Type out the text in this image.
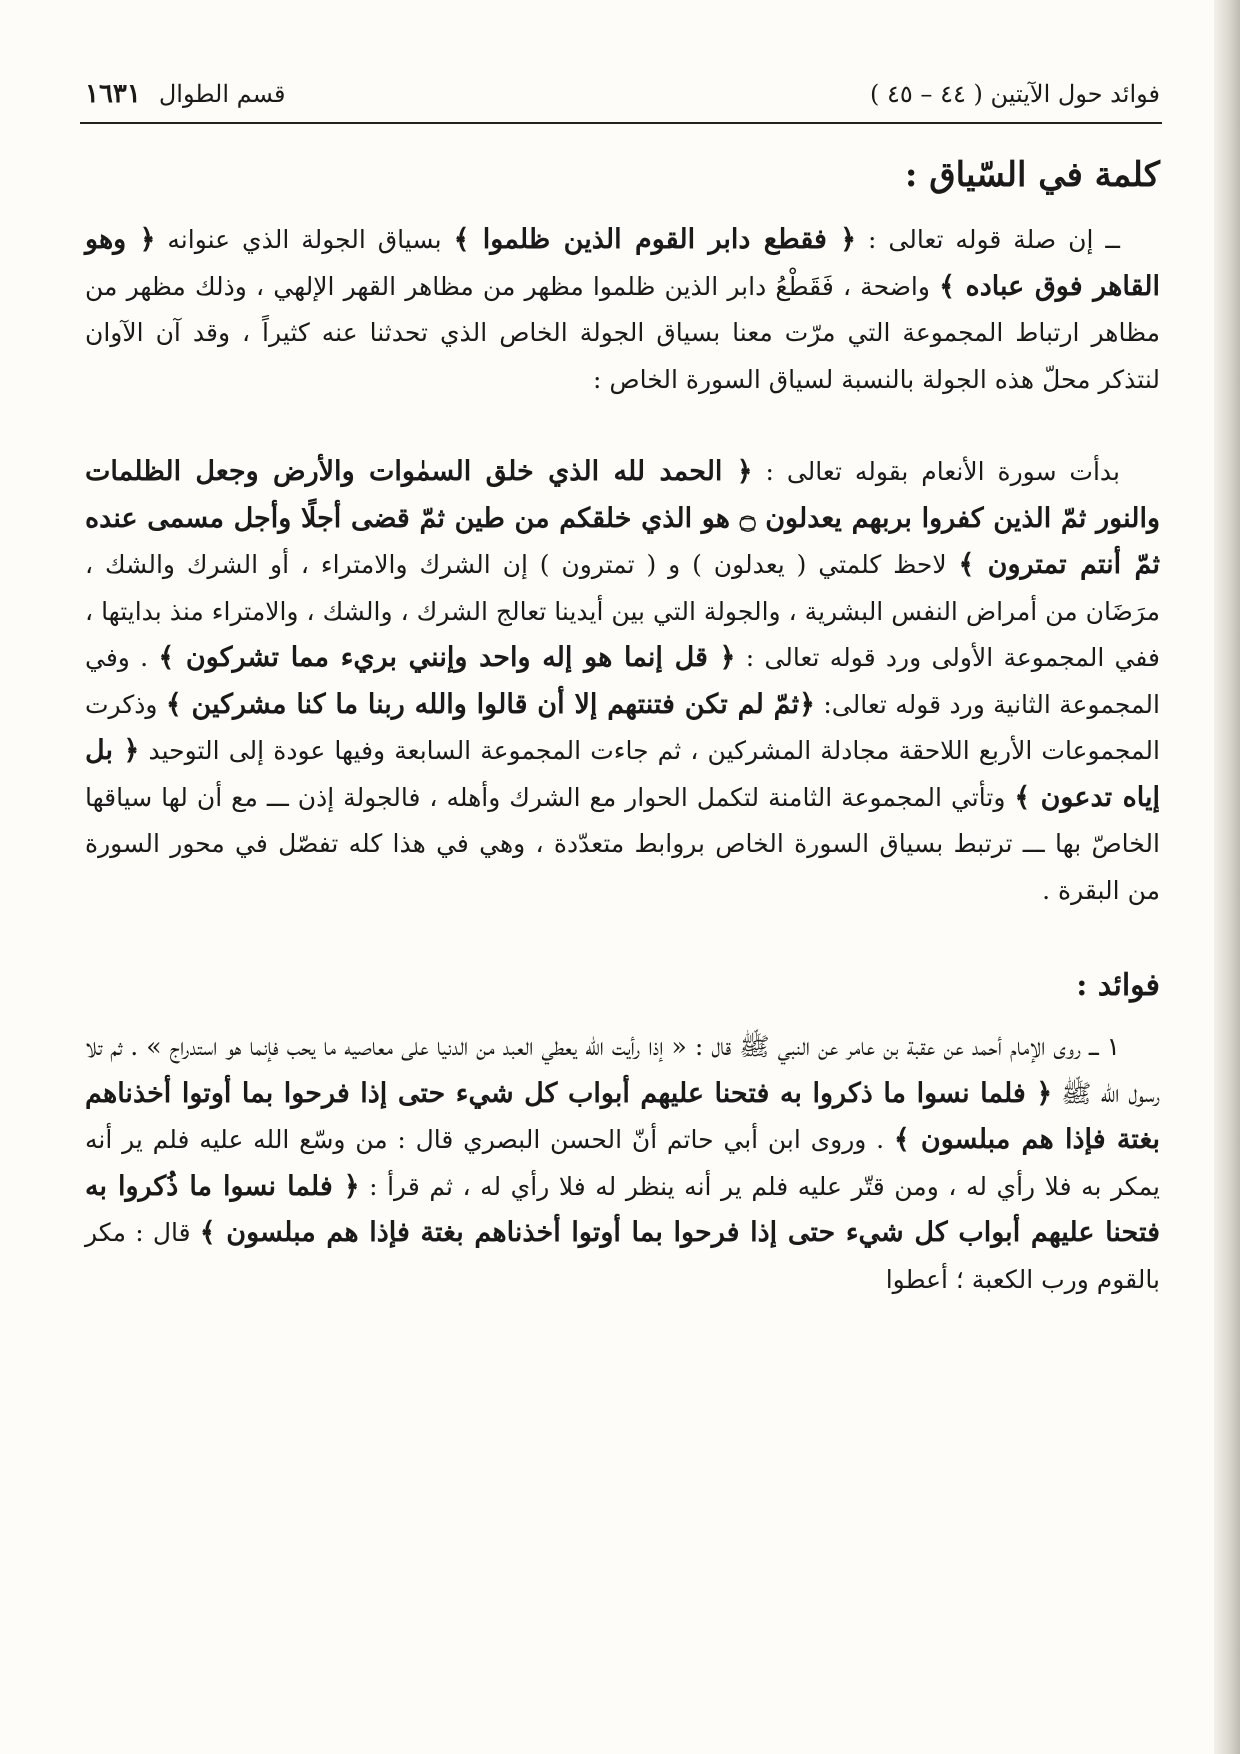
فوائد حول الآيتين ( ٤٤ – ٤٥ )
قسم الطوال
١٦٣١
كلمة في السّياق :

ــ إن صلة قوله تعالى : ﴿ فقطع دابر القوم الذين ظلموا ﴾ بسياق الجولة الذي عنوانه ﴿ وهو القاهر فوق عباده ﴾ واضحة ، فَقَطْعُ دابر الذين ظلموا مظهر من مظاهر القهر الإلهي ، وذلك مظهر من مظاهر ارتباط المجموعة التي مرّت معنا بسياق الجولة الخاص الذي تحدثنا عنه كثيراً ، وقد آن الآوان لنتذكر محلّ هذه الجولة بالنسبة لسياق السورة الخاص :

بدأت سورة الأنعام بقوله تعالى : ﴿ الحمد لله الذي خلق السمٰوات والأرض وجعل الظلمات والنور ثمّ الذين كفروا بربهم يعدلون ۝ هو الذي خلقكم من طين ثمّ قضى أجلًا وأجل مسمى عنده ثمّ أنتم تمترون ﴾ لاحظ كلمتي ( يعدلون ) و ( تمترون ) إن الشرك والامتراء ، أو الشرك والشك ، مرَضَان من أمراض النفس البشرية ، والجولة التي بين أيدينا تعالج الشرك ، والشك ، والامتراء منذ بدايتها ، ففي المجموعة الأولى ورد قوله تعالى : ﴿ قل إنما هو إله واحد وإنني بريء مما تشركون ﴾ . وفي المجموعة الثانية ورد قوله تعالى: ﴿ثمّ لم تكن فتنتهم إلا أن قالوا والله ربنا ما كنا مشركين ﴾ وذكرت المجموعات الأربع اللاحقة مجادلة المشركين ، ثم جاءت المجموعة السابعة وفيها عودة إلى التوحيد ﴿ بل إياه تدعون ﴾ وتأتي المجموعة الثامنة لتكمل الحوار مع الشرك وأهله ، فالجولة إذن ـــ مع أن لها سياقها الخاصّ بها ـــ ترتبط بسياق السورة الخاص بروابط متعدّدة ، وهي في هذا كله تفصّل في محور السورة من البقرة .

فوائد :

١ ـــ روى الإمام أحمد عن عقبة بن عامر عن النبي ﷺ قال : « إذا رأيت الله يعطي العبد من الدنيا على معاصيه ما يحب فإنما هو استدراج » . ثم تلا رسول الله ﷺ ﴿ فلما نسوا ما ذكروا به فتحنا عليهم أبواب كل شيء حتى إذا فرحوا بما أوتوا أخذناهم بغتة فإذا هم مبلسون ﴾ . وروى ابن أبي حاتم أنّ الحسن البصري قال : من وسّع الله عليه فلم ير أنه يمكر به فلا رأي له ، ومن قتّر عليه فلم ير أنه ينظر له فلا رأي له ، ثم قرأ : ﴿ فلما نسوا ما ذُكروا به فتحنا عليهم أبواب كل شيء حتى إذا فرحوا بما أوتوا أخذناهم بغتة فإذا هم مبلسون ﴾ قال : مكر بالقوم ورب الكعبة ؛ أعطوا
